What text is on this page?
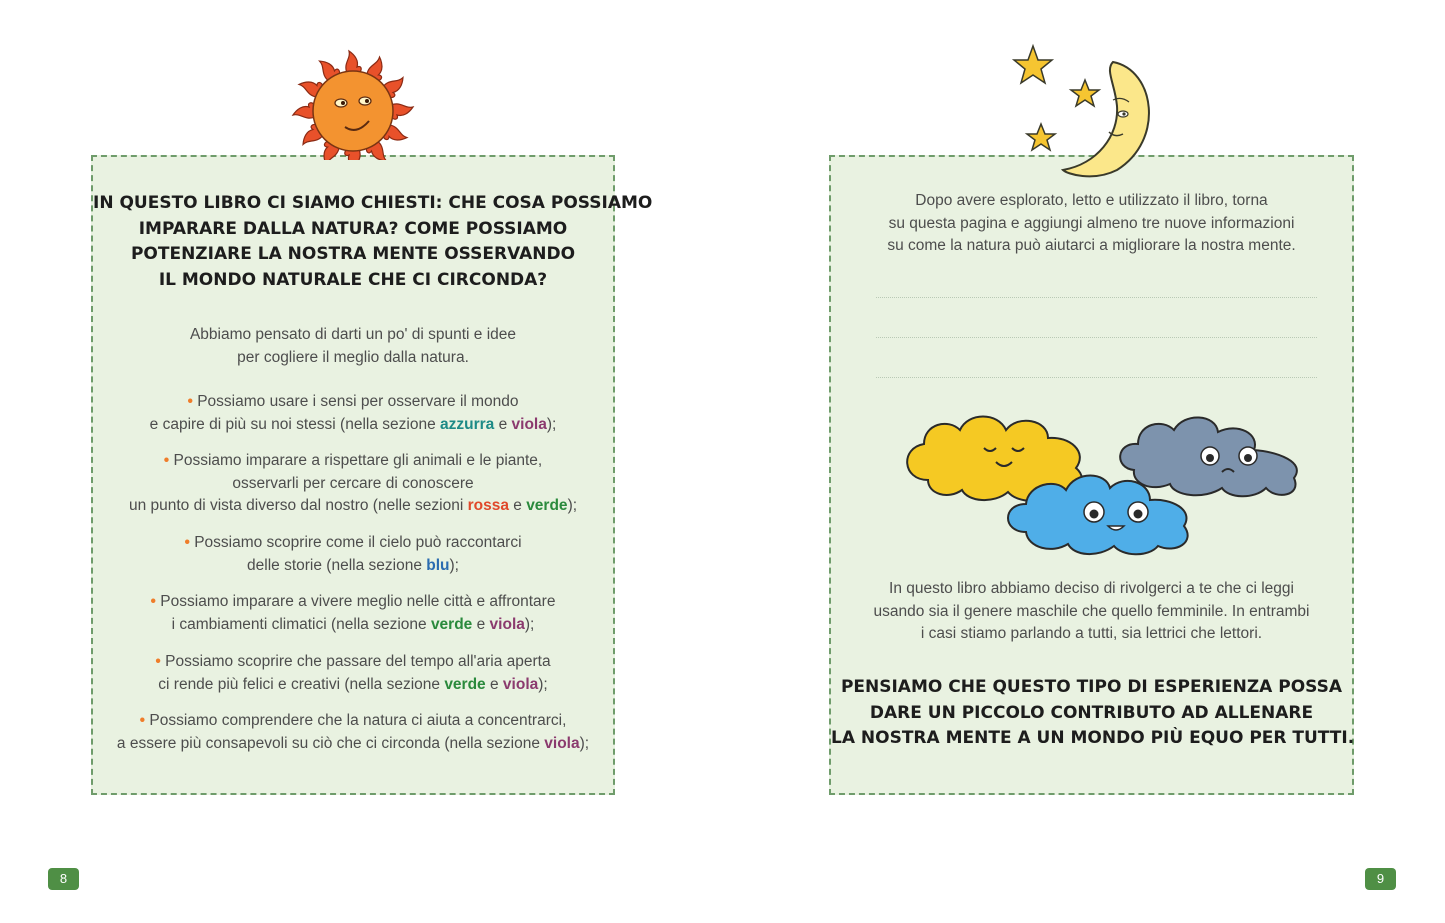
IN QUESTO LIBRO CI SIAMO CHIESTI: CHE COSA POSSIAMO
IMPARARE DALLA NATURA? COME POSSIAMO
POTENZIARE LA NOSTRA MENTE OSSERVANDO
IL MONDO NATURALE CHE CI CIRCONDA?
Abbiamo pensato di darti un po' di spunti e idee
per cogliere il meglio dalla natura.
• Possiamo usare i sensi per osservare il mondo
e capire di più su noi stessi (nella sezione azzurra e viola);
• Possiamo imparare a rispettare gli animali e le piante,
osservarli per cercare di conoscere
un punto di vista diverso dal nostro (nelle sezioni rossa e verde);
• Possiamo scoprire come il cielo può raccontarci
delle storie (nella sezione blu);
• Possiamo imparare a vivere meglio nelle città e affrontare
i cambiamenti climatici (nella sezione verde e viola);
• Possiamo scoprire che passare del tempo all'aria aperta
ci rende più felici e creativi (nella sezione verde e viola);
• Possiamo comprendere che la natura ci aiuta a concentrarci,
a essere più consapevoli su ciò che ci circonda (nella sezione viola);
Dopo avere esplorato, letto e utilizzato il libro, torna
su questa pagina e aggiungi almeno tre nuove informazioni
su come la natura può aiutarci a migliorare la nostra mente.
In questo libro abbiamo deciso di rivolgerci a te che ci leggi
usando sia il genere maschile che quello femminile. In entrambi
i casi stiamo parlando a tutti, sia lettrici che lettori.
PENSIAMO CHE QUESTO TIPO DI ESPERIENZA POSSA
DARE UN PICCOLO CONTRIBUTO AD ALLENARE
LA NOSTRA MENTE A UN MONDO PIÙ EQUO PER TUTTI.
8	9
